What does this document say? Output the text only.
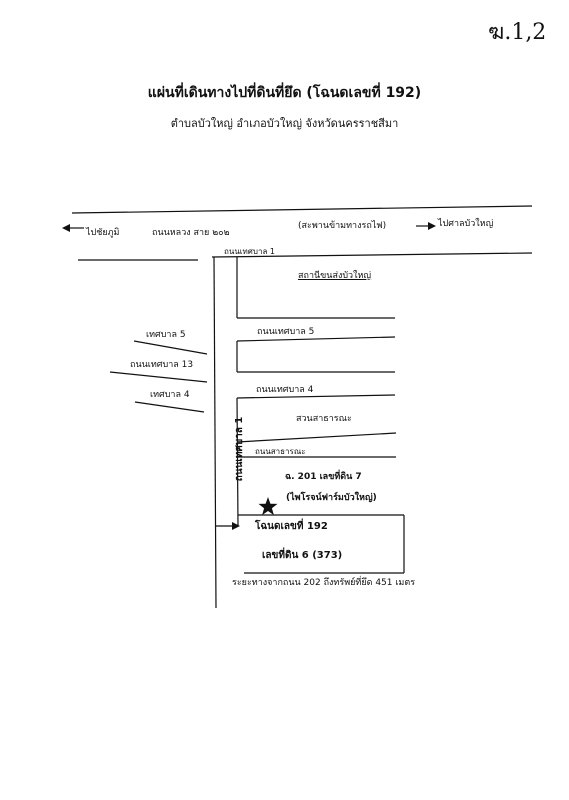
ฆ.1,2
แผ่นที่เดินทางไปที่ดินที่ยึด (โฉนดเลขที่ 192)
ตำบลบัวใหญ่ อำเภอบัวใหญ่ จังหวัดนครราชสีมา
ไปชัยภูมิ	ถนนหลวง สาย ๒๐๒
(สะพานข้ามทางรถไฟ)	ไปศาลบัวใหญ่
ถนนเทศบาล 1
ถนนเทศบาล 1
เทศบาล 5	ถนนเทศบาล 5
ถนนเทศบาล 13
เทศบาล 4	ถนนเทศบาล 4
ถนนสาธารณะ
สถานีขนส่งบัวใหญ่
สวนสาธารณะ
ฉ. 201 เลขที่ดิน 7
(ไพโรจน์ฟาร์มบัวใหญ่)
โฉนดเลขที่ 192
เลขที่ดิน 6 (373)
ระยะทางจากถนน 202 ถึงทรัพย์ที่ยึด 451 เมตร
